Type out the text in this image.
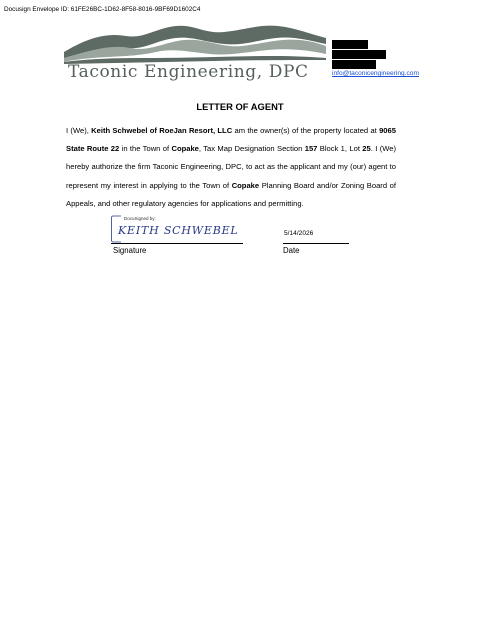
Docusign Envelope ID: 61FE26BC-1D62-8F58-8016-9BF69D1602C4
Taconic Engineering, DPC	info@taconicengineering.com
LETTER OF AGENT
I (We), Keith Schwebel of RoeJan Resort, LLC am the owner(s) of the property located at 9065 State Route 22 in the Town of Copake, Tax Map Designation Section 157 Block 1, Lot 25. I (We) hereby authorize the firm Taconic Engineering, DPC, to act as the applicant and my (our) agent to represent my interest in applying to the Town of Copake Planning Board and/or Zoning Board of Appeals, and other regulatory agencies for applications and permitting.
DocuSigned by:
KEITH SCHWEBEL
Signature
5/14/2026
Date
